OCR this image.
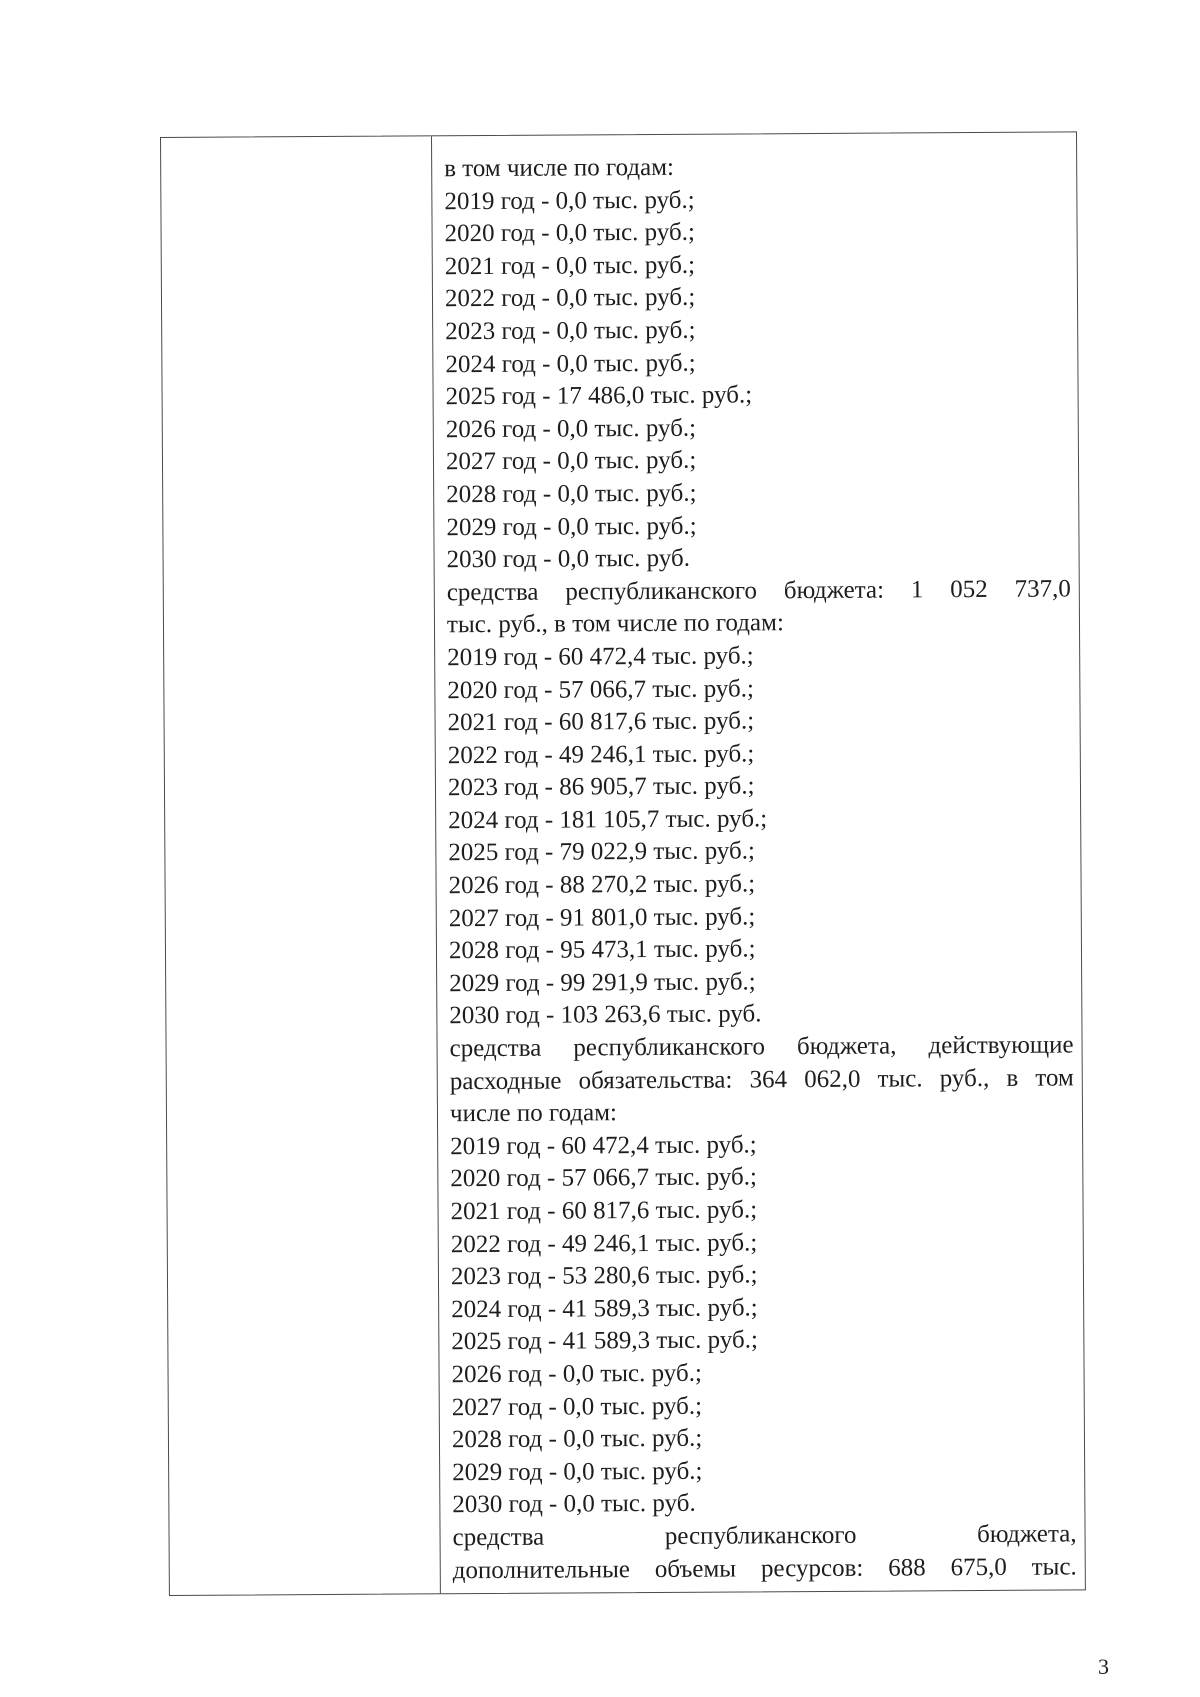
в том числе по годам:
2019 год - 0,0 тыс. руб.;
2020 год - 0,0 тыс. руб.;
2021 год - 0,0 тыс. руб.;
2022 год - 0,0 тыс. руб.;
2023 год - 0,0 тыс. руб.;
2024 год - 0,0 тыс. руб.;
2025 год - 17 486,0 тыс. руб.;
2026 год - 0,0 тыс. руб.;
2027 год - 0,0 тыс. руб.;
2028 год - 0,0 тыс. руб.;
2029 год - 0,0 тыс. руб.;
2030 год - 0,0 тыс. руб.
средства республиканского бюджета: 1 052 737,0
тыс. руб., в том числе по годам:
2019 год - 60 472,4 тыс. руб.;
2020 год - 57 066,7 тыс. руб.;
2021 год - 60 817,6 тыс. руб.;
2022 год - 49 246,1 тыс. руб.;
2023 год - 86 905,7 тыс. руб.;
2024 год - 181 105,7 тыс. руб.;
2025 год - 79 022,9 тыс. руб.;
2026 год - 88 270,2 тыс. руб.;
2027 год - 91 801,0 тыс. руб.;
2028 год - 95 473,1 тыс. руб.;
2029 год - 99 291,9 тыс. руб.;
2030 год - 103 263,6 тыс. руб.
средства республиканского бюджета, действующие
расходные обязательства: 364 062,0 тыс. руб., в том
числе по годам:
2019 год - 60 472,4 тыс. руб.;
2020 год - 57 066,7 тыс. руб.;
2021 год - 60 817,6 тыс. руб.;
2022 год - 49 246,1 тыс. руб.;
2023 год - 53 280,6 тыс. руб.;
2024 год - 41 589,3 тыс. руб.;
2025 год - 41 589,3 тыс. руб.;
2026 год - 0,0 тыс. руб.;
2027 год - 0,0 тыс. руб.;
2028 год - 0,0 тыс. руб.;
2029 год - 0,0 тыс. руб.;
2030 год - 0,0 тыс. руб.
средства республиканского бюджета,
дополнительные объемы ресурсов: 688 675,0 тыс.
3
